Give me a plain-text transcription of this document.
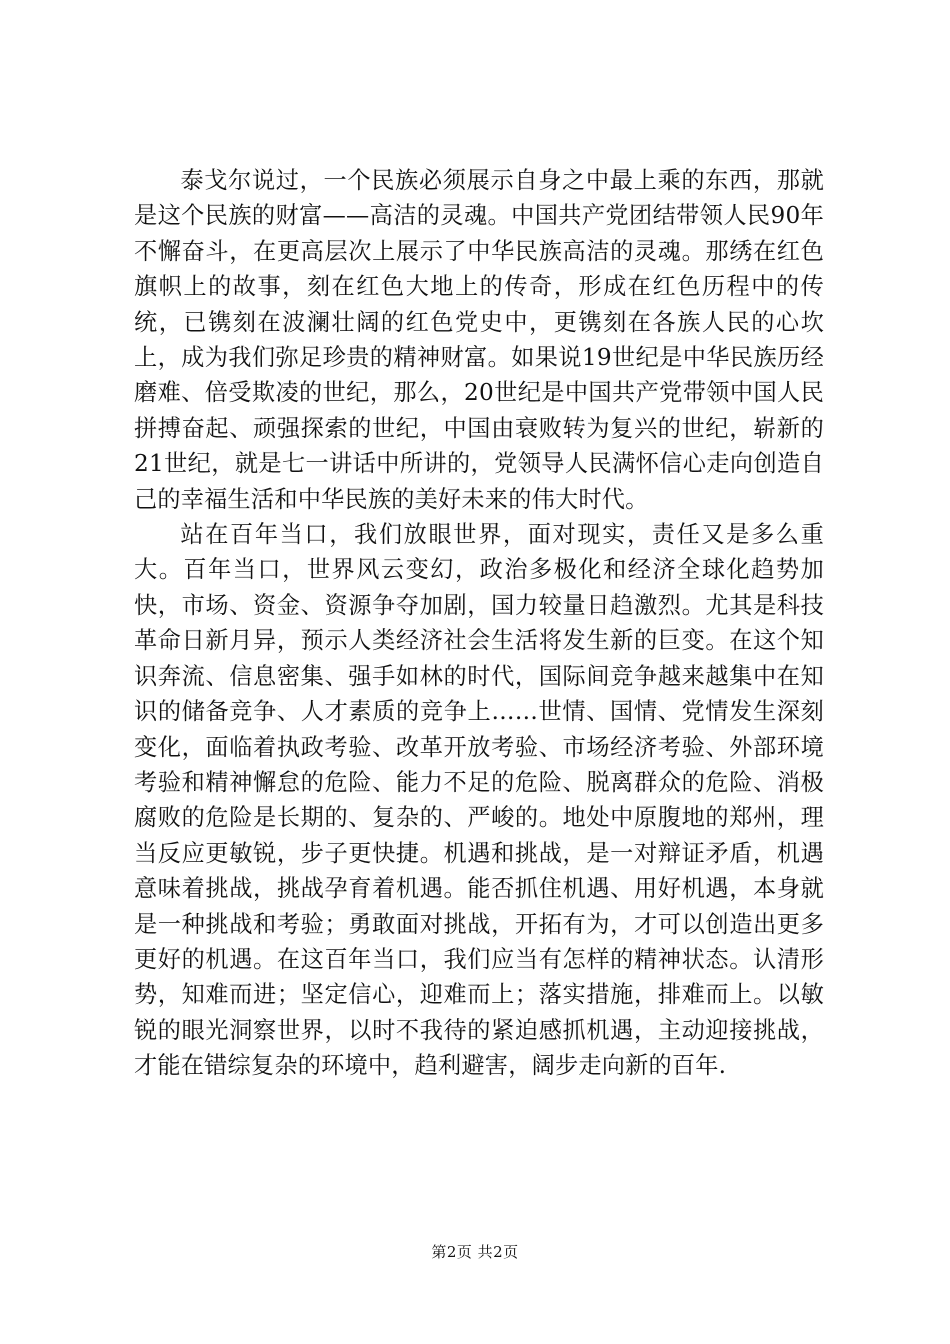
泰戈尔说过，一个民族必须展示自身之中最上乘的东西，那就是这个民族的财富——高洁的灵魂。中国共产党团结带领人民90年不懈奋斗，在更高层次上展示了中华民族高洁的灵魂。那绣在红色旗帜上的故事，刻在红色大地上的传奇，形成在红色历程中的传统，已镌刻在波澜壮阔的红色党史中，更镌刻在各族人民的心坎上，成为我们弥足珍贵的精神财富。如果说19世纪是中华民族历经磨难、倍受欺凌的世纪，那么，20世纪是中国共产党带领中国人民拼搏奋起、顽强探索的世纪，中国由衰败转为复兴的世纪，崭新的21世纪，就是七一讲话中所讲的，党领导人民满怀信心走向创造自己的幸福生活和中华民族的美好未来的伟大时代。

站在百年当口，我们放眼世界，面对现实，责任又是多么重大。百年当口，世界风云变幻，政治多极化和经济全球化趋势加快，市场、资金、资源争夺加剧，国力较量日趋激烈。尤其是科技革命日新月异，预示人类经济社会生活将发生新的巨变。在这个知识奔流、信息密集、强手如林的时代，国际间竞争越来越集中在知识的储备竞争、人才素质的竞争上……世情、国情、党情发生深刻变化，面临着执政考验、改革开放考验、市场经济考验、外部环境考验和精神懈怠的危险、能力不足的危险、脱离群众的危险、消极腐败的危险是长期的、复杂的、严峻的。地处中原腹地的郑州，理当反应更敏锐，步子更快捷。机遇和挑战，是一对辩证矛盾，机遇意味着挑战，挑战孕育着机遇。能否抓住机遇、用好机遇，本身就是一种挑战和考验；勇敢面对挑战，开拓有为，才可以创造出更多更好的机遇。在这百年当口，我们应当有怎样的精神状态。认清形势，知难而进；坚定信心，迎难而上；落实措施，排难而上。以敏锐的眼光洞察世界，以时不我待的紧迫感抓机遇，主动迎接挑战，才能在错综复杂的环境中，趋利避害，阔步走向新的百年.

第2页 共2页
